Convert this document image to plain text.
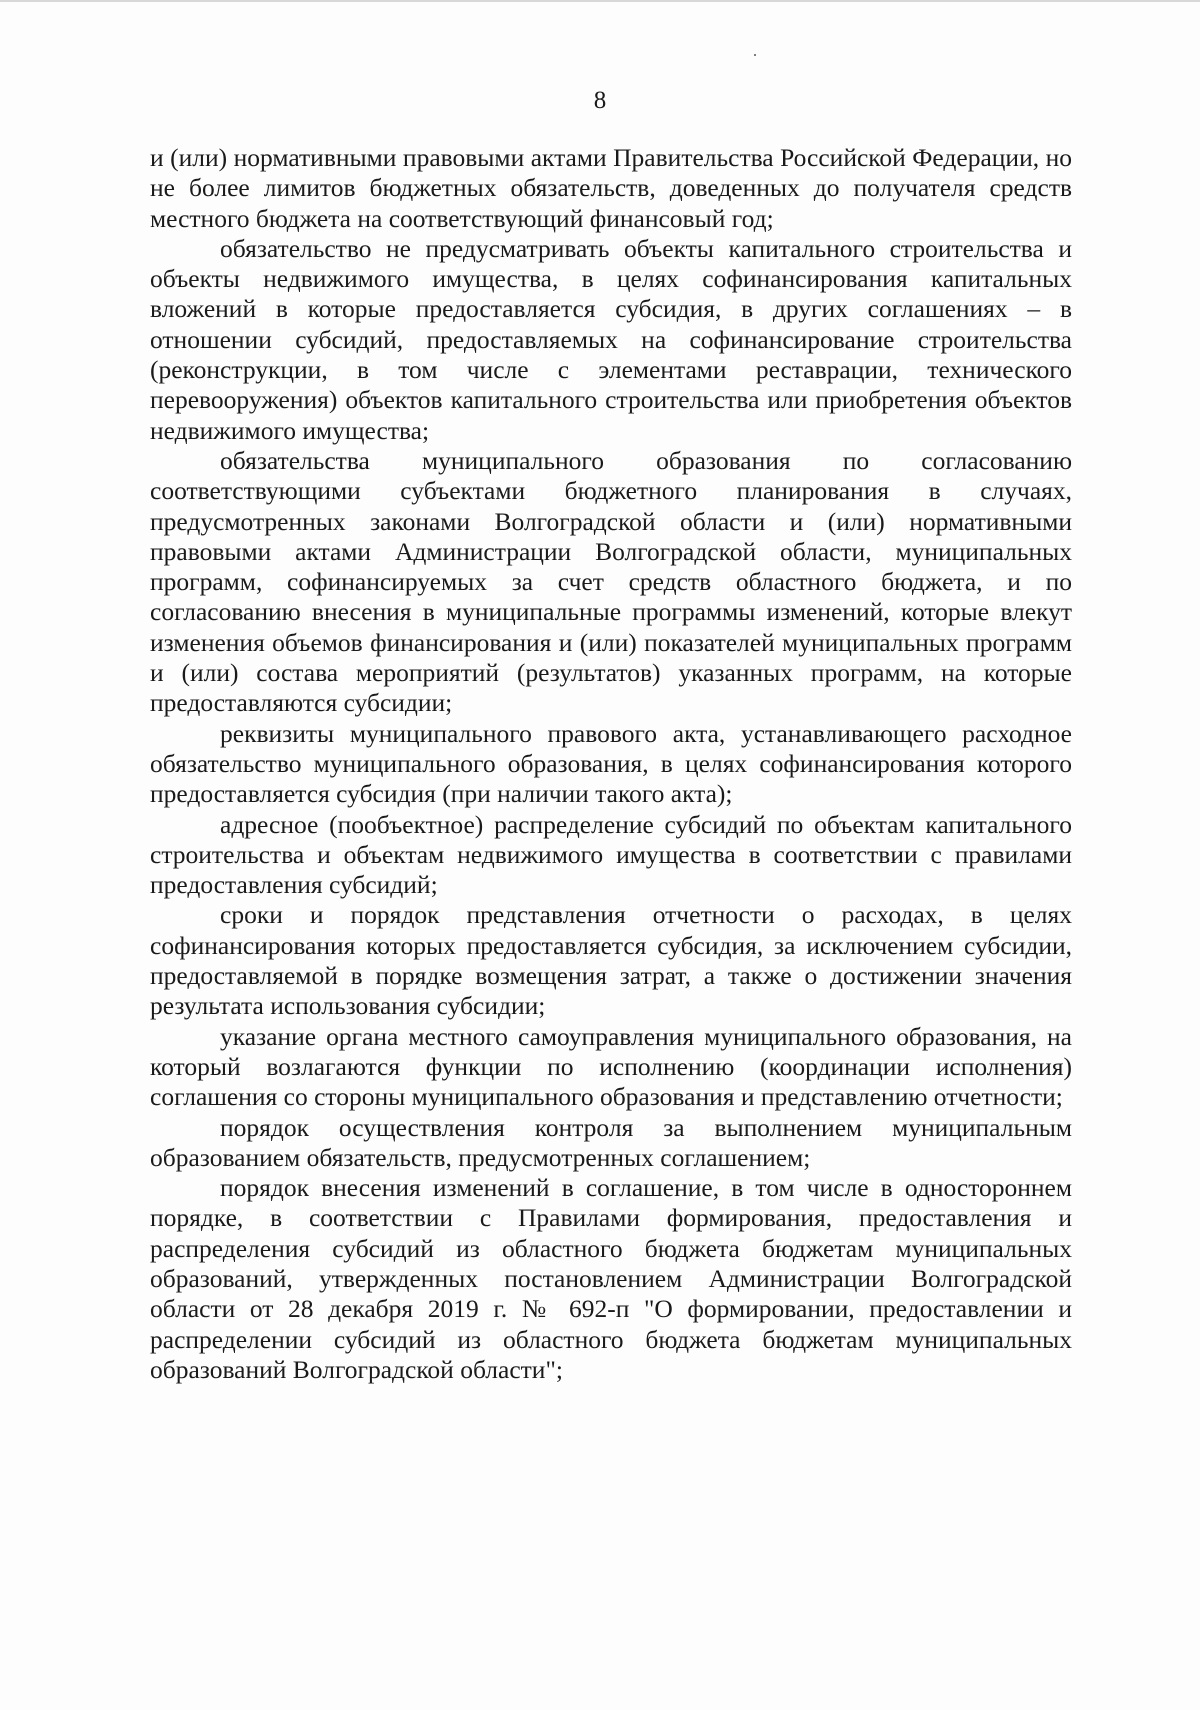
8

и (или) нормативными правовыми актами Правительства Российской Федерации, но не более лимитов бюджетных обязательств, доведенных до получателя средств местного бюджета на соответствующий финансовый год;

обязательство не предусматривать объекты капитального строительства и объекты недвижимого имущества, в целях софинансирования капитальных вложений в которые предоставляется субсидия, в других соглашениях – в отношении субсидий, предоставляемых на софинансирование строительства (реконструкции, в том числе с элементами реставрации, технического перевооружения) объектов капитального строительства или приобретения объектов недвижимого имущества;

обязательства муниципального образования по согласованию соответствующими субъектами бюджетного планирования в случаях, предусмотренных законами Волгоградской области и (или) нормативными правовыми актами Администрации Волгоградской области, муниципальных программ, софинансируемых за счет средств областного бюджета, и по согласованию внесения в муниципальные программы изменений, которые влекут изменения объемов финансирования и (или) показателей муниципальных программ и (или) состава мероприятий (результатов) указанных программ, на которые предоставляются субсидии;

реквизиты муниципального правового акта, устанавливающего расходное обязательство муниципального образования, в целях софинансирования которого предоставляется субсидия (при наличии такого акта);

адресное (пообъектное) распределение субсидий по объектам капитального строительства и объектам недвижимого имущества в соответствии с правилами предоставления субсидий;

сроки и порядок представления отчетности о расходах, в целях софинансирования которых предоставляется субсидия, за исключением субсидии, предоставляемой в порядке возмещения затрат, а также о достижении значения результата использования субсидии;

указание органа местного самоуправления муниципального образования, на который возлагаются функции по исполнению (координации исполнения) соглашения со стороны муниципального образования и представлению отчетности;

порядок осуществления контроля за выполнением муниципальным образованием обязательств, предусмотренных соглашением;

порядок внесения изменений в соглашение, в том числе в одностороннем порядке, в соответствии с Правилами формирования, предоставления и распределения субсидий из областного бюджета бюджетам муниципальных образований, утвержденных постановлением Администрации Волгоградской области от 28 декабря 2019 г. № 692-п "О формировании, предоставлении и распределении субсидий из областного бюджета бюджетам муниципальных образований Волгоградской области";
